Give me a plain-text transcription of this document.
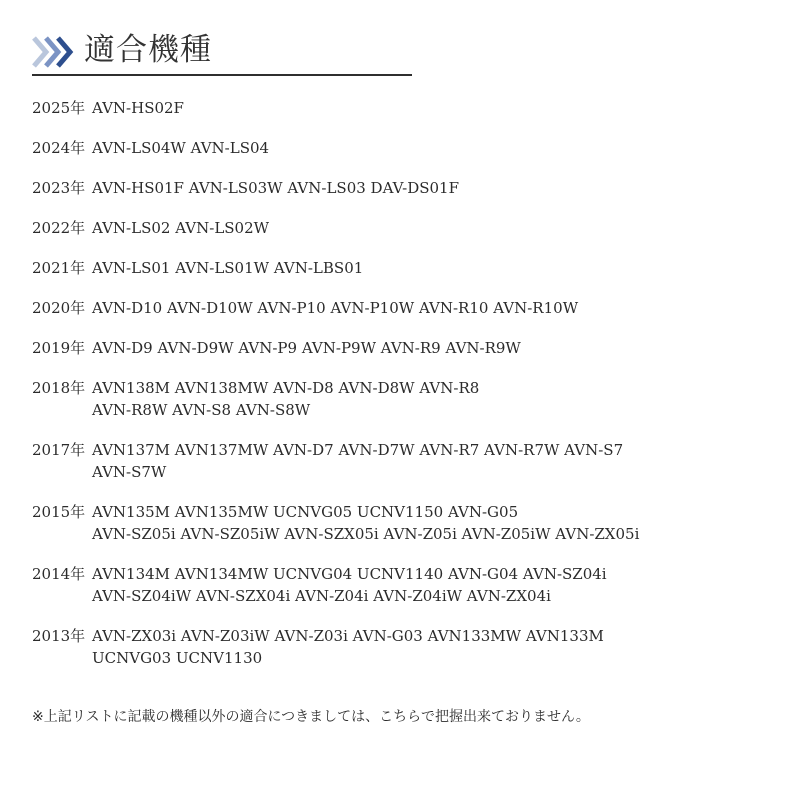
適合機種
2025年 AVN-HS02F
2024年 AVN-LS04W AVN-LS04
2023年 AVN-HS01F AVN-LS03W AVN-LS03 DAV-DS01F
2022年 AVN-LS02 AVN-LS02W
2021年 AVN-LS01 AVN-LS01W AVN-LBS01
2020年 AVN-D10 AVN-D10W AVN-P10 AVN-P10W AVN-R10 AVN-R10W
2019年 AVN-D9 AVN-D9W AVN-P9 AVN-P9W AVN-R9 AVN-R9W
2018年 AVN138M AVN138MW AVN-D8 AVN-D8W AVN-R8
AVN-R8W AVN-S8 AVN-S8W
2017年 AVN137M AVN137MW AVN-D7 AVN-D7W AVN-R7 AVN-R7W AVN-S7
AVN-S7W
2015年 AVN135M AVN135MW UCNVG05 UCNV1150 AVN-G05
AVN-SZ05i AVN-SZ05iW AVN-SZX05i AVN-Z05i AVN-Z05iW AVN-ZX05i
2014年 AVN134M AVN134MW UCNVG04 UCNV1140 AVN-G04 AVN-SZ04i
AVN-SZ04iW AVN-SZX04i AVN-Z04i AVN-Z04iW AVN-ZX04i
2013年 AVN-ZX03i AVN-Z03iW AVN-Z03i AVN-G03 AVN133MW AVN133M
UCNVG03 UCNV1130
※上記リストに記載の機種以外の適合につきましては、こちらで把握出来ておりません。
